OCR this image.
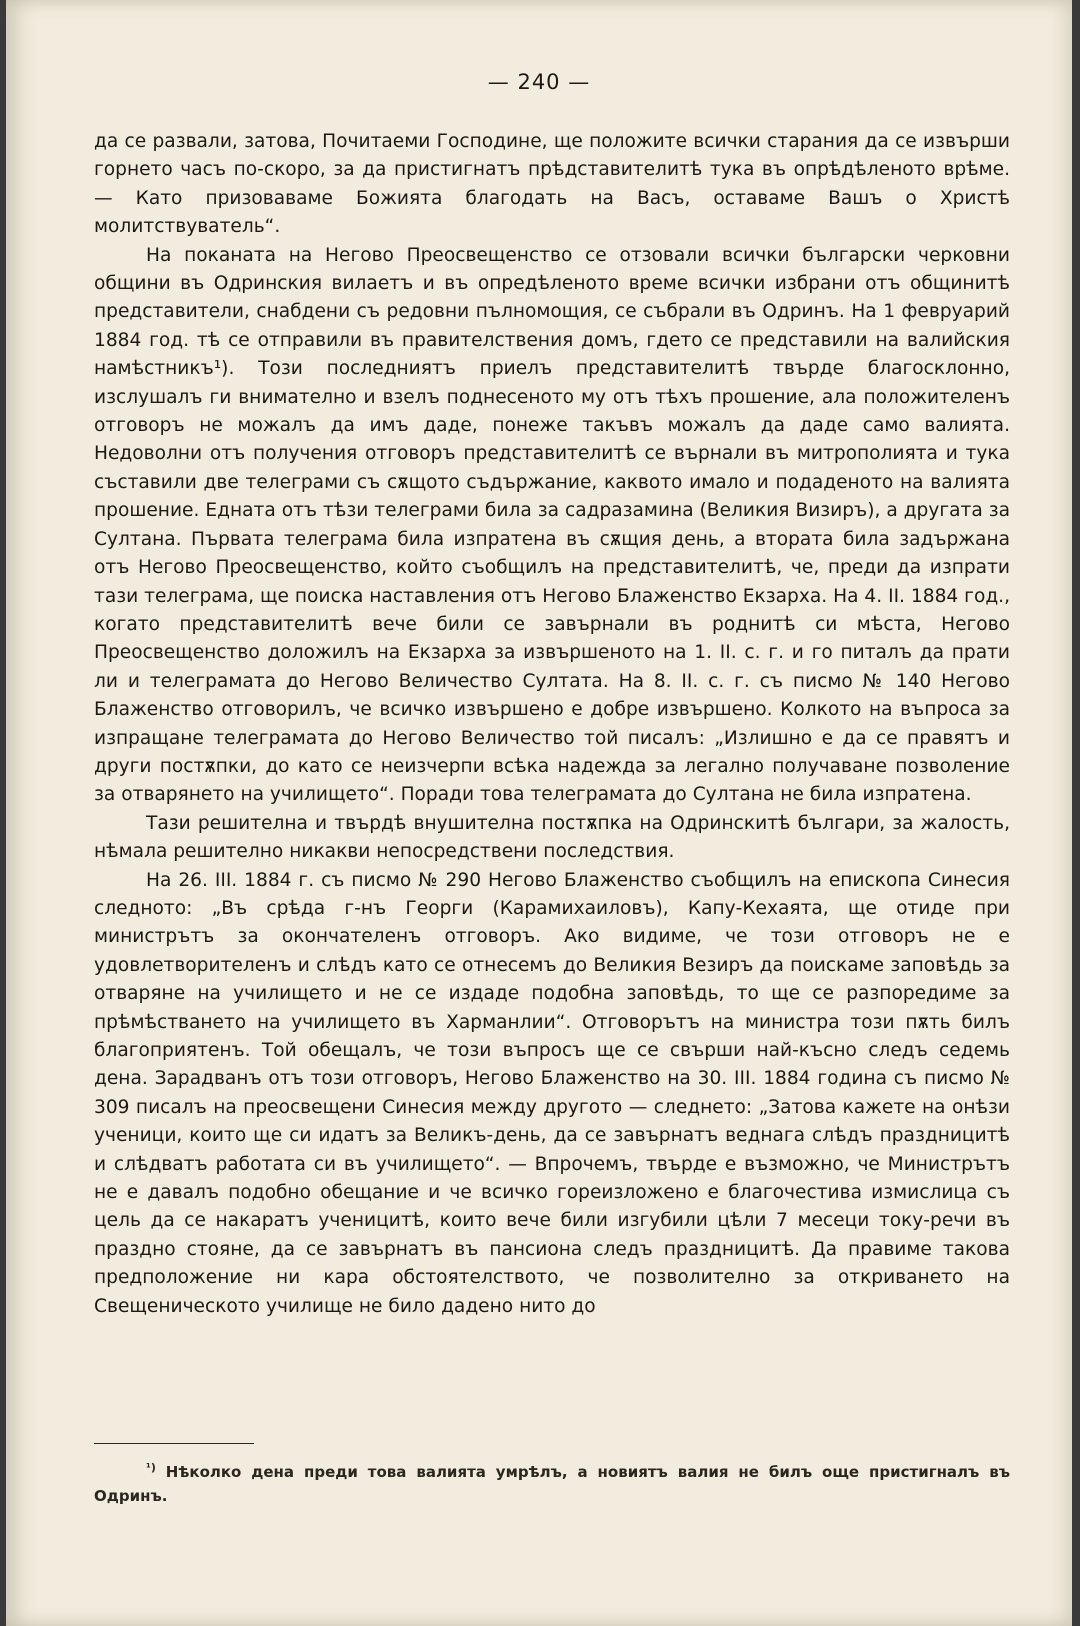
— 240 —

да се развали, затова, Почитаеми Господине, ще положите всички старания да се извърши горнето часъ по-скоро, за да пристигнатъ прѣдставителитѣ тука въ опрѣдѣленото врѣме. — Като призоваваме Божията благодать на Васъ, оставаме Вашъ о Христѣ молитствуватель“.

На поканата на Негово Преосвещенство се отзовали всички български черковни общини въ Одринския вилаетъ и въ опредѣленото време всички избрани отъ общинитѣ представители, снабдени съ редовни пълномощия, се събрали въ Одринъ. На 1 февруарий 1884 год. тѣ се отправили въ правителствения домъ, гдето се представили на валийския намѣстникъ¹). Този последниятъ приелъ представителитѣ твърде благосклонно, изслушалъ ги внимателно и взелъ поднесеното му отъ тѣхъ прошение, ала положителенъ отговоръ не можалъ да имъ даде, понеже такъвъ можалъ да даде само валията. Недоволни отъ получения отговоръ представителитѣ се върнали въ митрополията и тука съставили две телеграми съ сѫщото съдържание, каквото имало и подаденото на валията прошение. Едната отъ тѣзи телеграми била за садразамина (Великия Визиръ), а другата за Султана. Първата телеграма била изпратена въ сѫщия день, а втората била задържана отъ Негово Преосвещенство, който съобщилъ на представителитѣ, че, преди да изпрати тази телеграма, ще поиска наставления отъ Негово Блаженство Екзарха. На 4. II. 1884 год., когато представителитѣ вече били се завърнали въ роднитѣ си мѣста, Негово Преосвещенство доложилъ на Екзарха за извършеното на 1. II. с. г. и го питалъ да прати ли и телеграмата до Негово Величество Султата. На 8. II. с. г. съ писмо № 140 Негово Блаженство отговорилъ, че всичко извършено е добре извършено. Колкото на въпроса за изпращане телеграмата до Негово Величество той писалъ: „Излишно е да се правятъ и други постѫпки, до като се неизчерпи всѣка надежда за легално получаване позволение за отварянето на училището“. Поради това телеграмата до Султана не била изпратена.

Тази решителна и твърдѣ внушителна постѫпка на Одринскитѣ българи, за жалость, нѣмала решително никакви непосредствени последствия.

На 26. III. 1884 г. съ писмо № 290 Негово Блаженство съобщилъ на епископа Синесия следното: „Въ срѣда г-нъ Георги (Карамихаиловъ), Капу-Кехаята, ще отиде при министрътъ за окончателенъ отговоръ. Ако видиме, че този отговоръ не е удовлетворителенъ и слѣдъ като се отнесемъ до Великия Везиръ да поискаме заповѣдь за отваряне на училището и не се издаде подобна заповѣдь, то ще се разпоредиме за прѣмѣстването на училището въ Харманлии“. Отговорътъ на министра този пѫть билъ благоприятенъ. Той обещалъ, че този въпросъ ще се свърши най-късно следъ седемь дена. Зарадванъ отъ този отговоръ, Негово Блаженство на 30. III. 1884 година съ писмо № 309 писалъ на преосвещени Синесия между другото — следнето: „Затова кажете на онѣзи ученици, които ще си идатъ за Великъ-день, да се завърнатъ веднага слѣдъ праздницитѣ и слѣдватъ работата си въ училището“. — Впрочемъ, твърде е възможно, че Министрътъ не е давалъ подобно обещание и че всичко гореизложено е благочестива измислица съ цель да се накаратъ ученицитѣ, които вече били изгубили цѣли 7 месеци току-речи въ праздно стояне, да се завърнатъ въ пансиона следъ праздницитѣ. Да правиме такова предположение ни кара обстоятелството, че позволително за откриването на Свещеническото училище не било дадено нито до

$^{^1)}$ Нѣколко дена преди това валията умрѣлъ, а новиятъ валия не билъ още пристигналъ въ Одринъ.
